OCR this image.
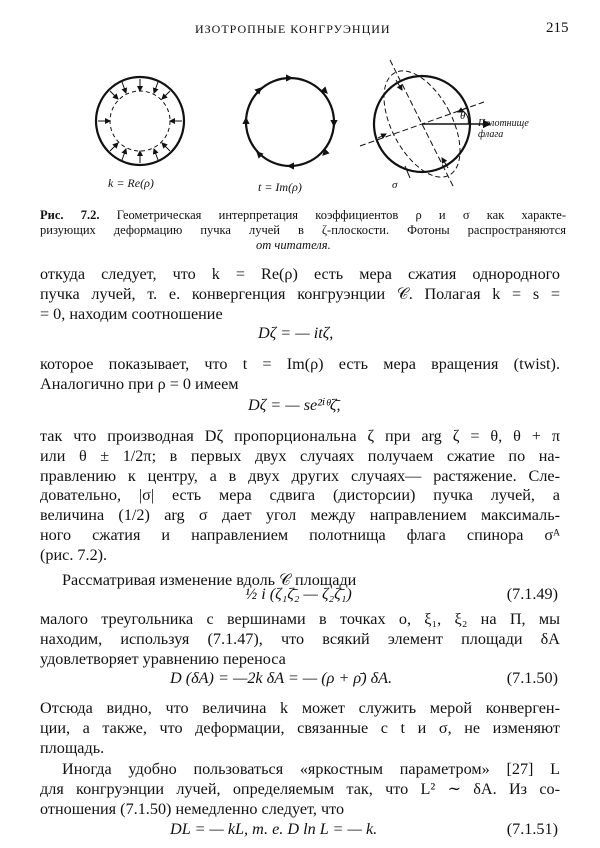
ИЗОТРОПНЫЕ КОНГРУЭНЦИИ	215
k = Re(ρ)	t = Im(ρ)
θ
Полотнище флага
σ
Рис. 7.2. Геометрическая интерпретация коэффициентов ρ и σ как характе-
ризующих деформацию пучка лучей в ζ-плоскости. Фотоны распространяются
от читателя.
откуда следует, что k = Re(ρ) есть мера сжатия однородного
пучка лучей, т. е. конвергенция конгруэнции 𝒞. Полагая k = s =
= 0, находим соотношение
Dζ = — itζ,
которое показывает, что t = Im(ρ) есть мера вращения (twist).
Аналогично при ρ = 0 имеем
Dζ = — se²ⁱᶿζ̄,
так что производная Dζ пропорциональна ζ при arg ζ = θ, θ + π
или θ ± 1/2π; в первых двух случаях получаем сжатие по на-
правлению к центру, а в двух других случаях— растяжение. Сле-
довательно, |σ| есть мера сдвига (дисторсии) пучка лучей, а
величина (1/2) arg σ дает угол между направлением максималь-
ного сжатия и направлением полотнища флага спинора σᴬ
(рис. 7.2).
Рассматривая изменение вдоль 𝒞 площади
½ i (ζ₁ζ̄₂ — ζ₂ζ̄₁)	(7.1.49)
малого треугольника с вершинами в точках o, ξ₁, ξ₂ на Π, мы
находим, используя (7.1.47), что всякий элемент площади δA
удовлетворяет уравнению переноса
D (δA) = —2k δA = — (ρ + ρ̄) δA.	(7.1.50)
Отсюда видно, что величина k может служить мерой конверген-
ции, а также, что деформации, связанные с t и σ, не изменяют
площадь.
Иногда удобно пользоваться «яркостным параметром» [27] L
для конгруэнции лучей, определяемым так, что L² ∼ δA. Из со-
отношения (7.1.50) немедленно следует, что
DL = — kL, т. е. D ln L = — k.	(7.1.51)
